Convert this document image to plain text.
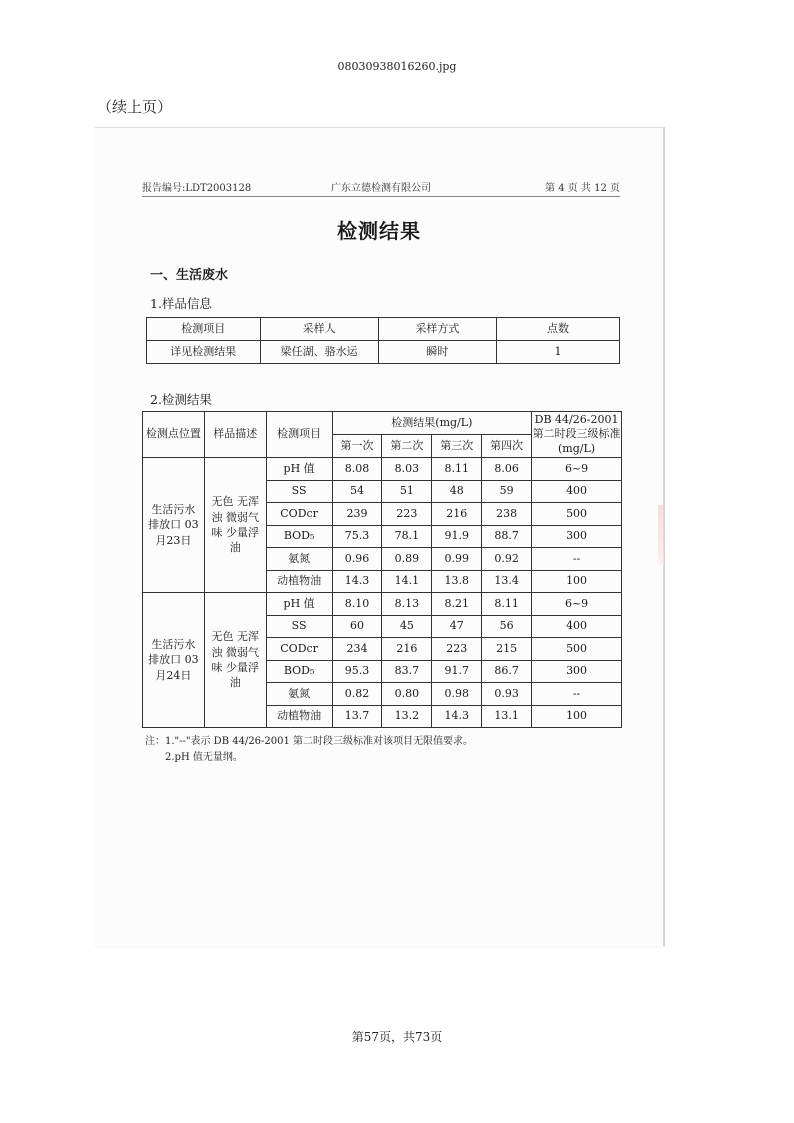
08030938016260.jpg
（续上页）
报告编号:LDT2003128	广东立德检测有限公司	第 4 页 共 12 页
检测结果
一、生活废水
1.样品信息
检测项目	采样人	采样方式	点数
详见检测结果	梁任湖、骆水运	瞬时	1
2.检测结果
检测点位置	样品描述	检测项目	检测结果(mg/L)				DB 44/26-2001 第二时段三级标准(mg/L)
			第一次	第二次	第三次	第四次	
生活污水排放口 03月23日	无色 无浑浊 微弱气味 少量浮油	pH 值	8.08	8.03	8.11	8.06	6~9
		SS	54	51	48	59	400
		CODcr	239	223	216	238	500
		BOD₅	75.3	78.1	91.9	88.7	300
		氨氮	0.96	0.89	0.99	0.92	--
		动植物油	14.3	14.1	13.8	13.4	100
生活污水排放口 03月24日	无色 无浑浊 微弱气味 少量浮油	pH 值	8.10	8.13	8.21	8.11	6~9
		SS	60	45	47	56	400
		CODcr	234	216	223	215	500
		BOD₅	95.3	83.7	91.7	86.7	300
		氨氮	0.82	0.80	0.98	0.93	--
		动植物油	13.7	13.2	14.3	13.1	100
注：1."--"表示 DB 44/26-2001 第二时段三级标准对该项目无限值要求。
2.pH 值无量纲。
第57页，共73页
